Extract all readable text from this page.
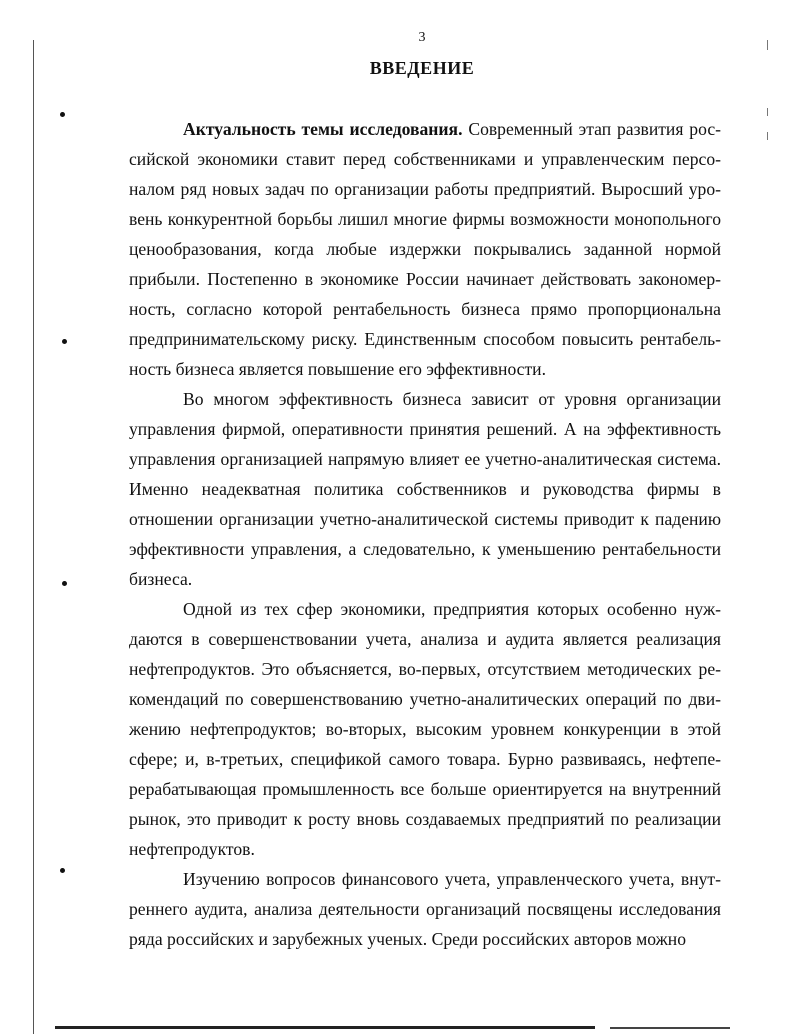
3
ВВЕДЕНИЕ

Актуальность темы исследования. Современный этап развития российской экономики ставит перед собственниками и управленческим персоналом ряд новых задач по организации работы предприятий. Выросший уровень конкурентной борьбы лишил многие фирмы возможности монопольного ценообразования, когда любые издержки покрывались заданной нормой прибыли. Постепенно в экономике России начинает действовать закономерность, согласно которой рентабельность бизнеса прямо пропорциональна предпринимательскому риску. Единственным способом повысить рентабельность бизнеса является повышение его эффективности.

Во многом эффективность бизнеса зависит от уровня организации управления фирмой, оперативности принятия решений. А на эффективность управления организацией напрямую влияет ее учетно-аналитическая система. Именно неадекватная политика собственников и руководства фирмы в отношении организации учетно-аналитической системы приводит к падению эффективности управления, а следовательно, к уменьшению рентабельности бизнеса.

Одной из тех сфер экономики, предприятия которых особенно нуждаются в совершенствовании учета, анализа и аудита является реализация нефтепродуктов. Это объясняется, во-первых, отсутствием методических рекомендаций по совершенствованию учетно-аналитических операций по движению нефтепродуктов; во-вторых, высоким уровнем конкуренции в этой сфере; и, в-третьих, спецификой самого товара. Бурно развиваясь, нефтеперерабатывающая промышленность все больше ориентируется на внутренний рынок, это приводит к росту вновь создаваемых предприятий по реализации нефтепродуктов.

Изучению вопросов финансового учета, управленческого учета, внутреннего аудита, анализа деятельности организаций посвящены исследования ряда российских и зарубежных ученых. Среди российских авторов можно
